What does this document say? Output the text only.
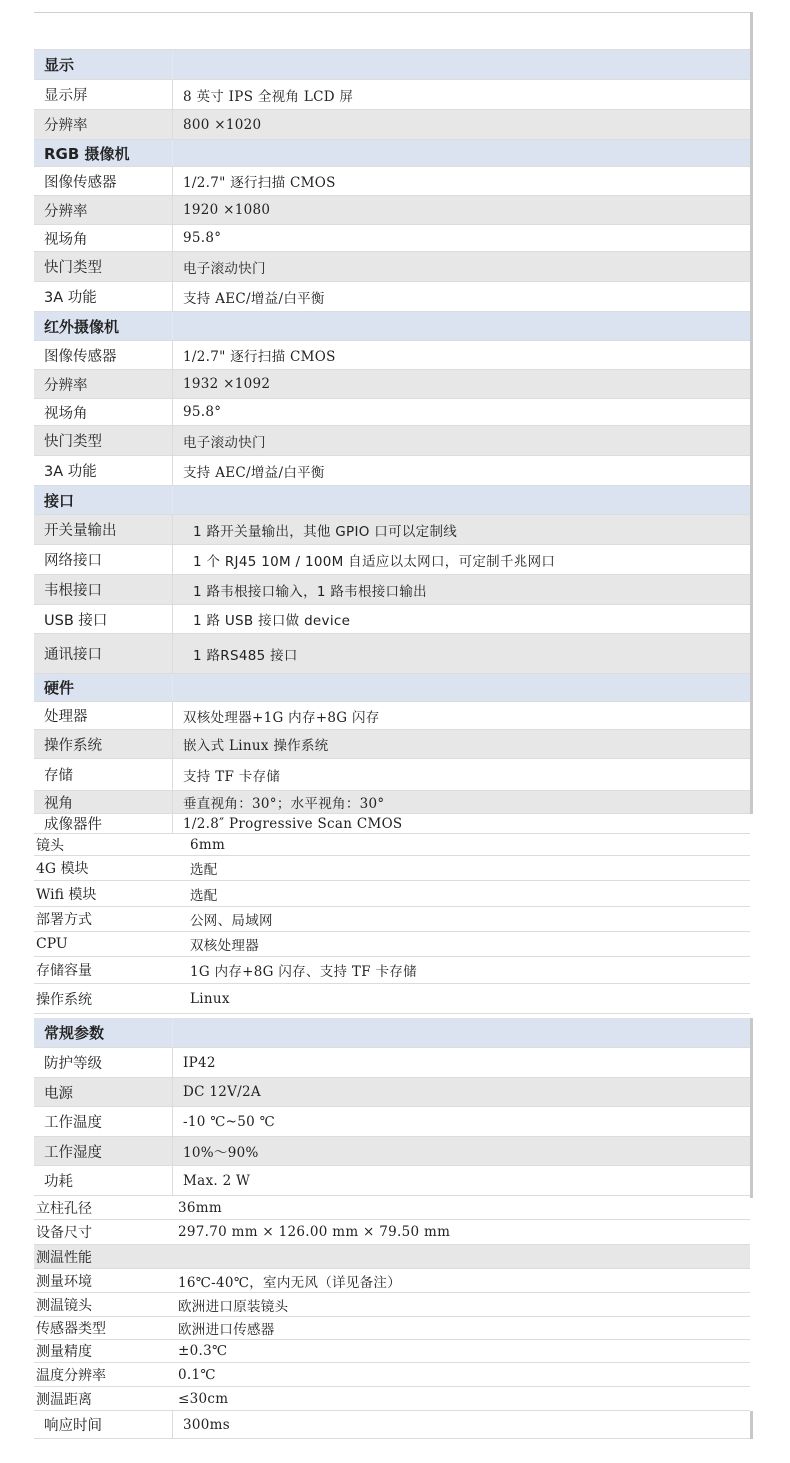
显示
显示屏	8 英寸 IPS 全视角 LCD 屏
分辨率	800 ×1020
RGB 摄像机
图像传感器	1/2.7" 逐行扫描 CMOS
分辨率	1920 ×1080
视场角	95.8°
快门类型	电子滚动快门
3A 功能	支持 AEC/增益/白平衡
红外摄像机
图像传感器	1/2.7" 逐行扫描 CMOS
分辨率	1932 ×1092
视场角	95.8°
快门类型	电子滚动快门
3A 功能	支持 AEC/增益/白平衡
接口
开关量输出	1 路开关量输出，其他 GPIO 口可以定制线
网络接口	1 个 RJ45 10M / 100M 自适应以太网口，可定制千兆网口
韦根接口	1 路韦根接口输入，1 路韦根接口输出
USB 接口	1 路 USB 接口做 device
通讯接口	1 路RS485 接口
硬件
处理器	双核处理器+1G 内存+8G 闪存
操作系统	嵌入式 Linux 操作系统
存储	支持 TF 卡存储
视角	垂直视角：30°；水平视角：30°
成像器件	1/2.8″ Progressive Scan CMOS
镜头	6mm
4G 模块	选配
Wifi 模块	选配
部署方式	公网、局域网
CPU	双核处理器
存储容量	1G 内存+8G 闪存、支持 TF 卡存储
操作系统	Linux
常规参数
防护等级	IP42
电源	DC 12V/2A
工作温度	-10 ℃~50 ℃
工作湿度	10%～90%
功耗	Max. 2 W
立柱孔径	36mm
设备尺寸	297.70 mm × 126.00 mm × 79.50 mm
测温性能
测量环境	16℃-40℃，室内无风（详见备注）
测温镜头	欧洲进口原装镜头
传感器类型	欧洲进口传感器
测量精度	±0.3℃
温度分辨率	0.1℃
测温距离	≤30cm
响应时间	300ms
